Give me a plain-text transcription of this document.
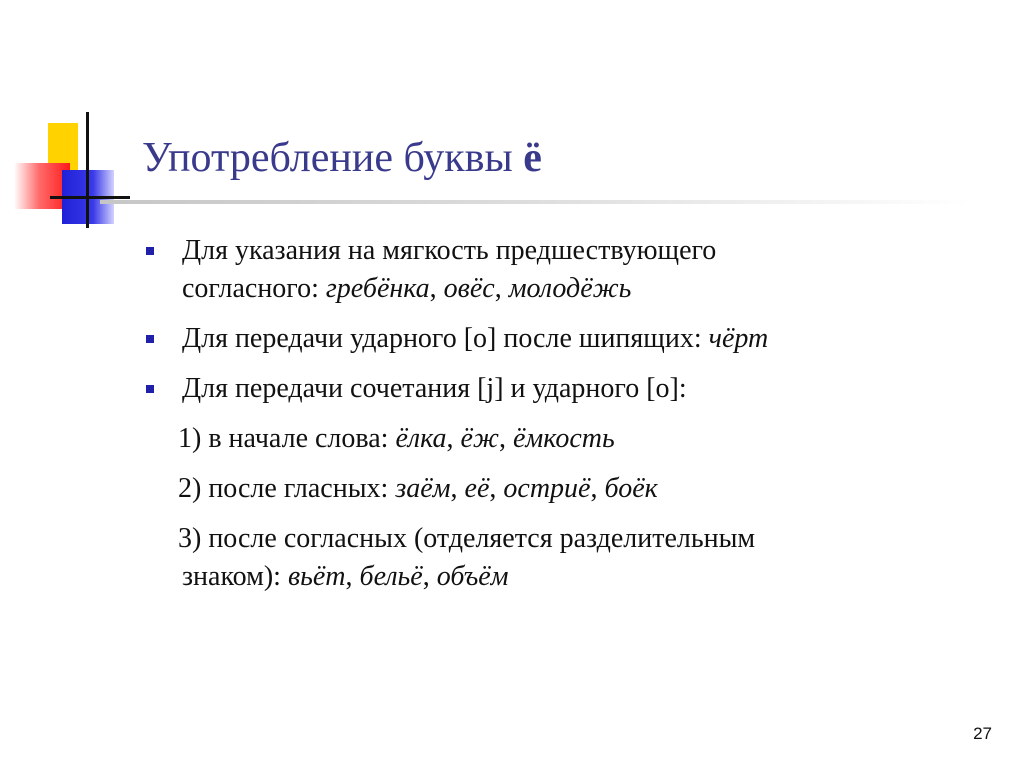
Употребление буквы ё
Для указания на мягкость предшествующего
согласного: гребёнка, овёс, молодёжь
Для передачи ударного [о] после шипящих: чёрт
Для передачи сочетания [j] и ударного [о]:
1) в начале слова: ёлка, ёж, ёмкость
2) после гласных: заём, её, остриё, боёк
3) после согласных (отделяется разделительным
знаком): вьёт, бельё, объём
27
